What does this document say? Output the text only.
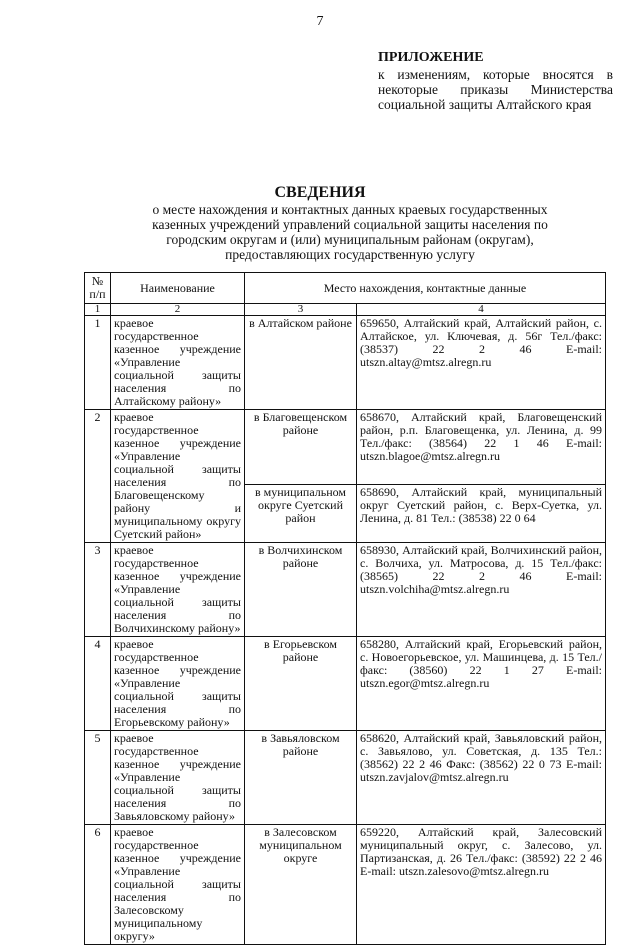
7
ПРИЛОЖЕНИЕ
к изменениям, которые вносятся в некоторые приказы Министерства социальной защиты Алтайского края
СВЕДЕНИЯ
о месте нахождения и контактных данных краевых государственных казенных учреждений управлений социальной защиты населения по городским округам и (или) муниципальным районам (округам), предоставляющих государственную услугу
№ п/п	Наименование	Место нахождения, контактные данные	
1	2	3	4
1	краевое государственное казенное учреждение «Управление социальной защиты населения по Алтайскому району»	в Алтайском районе	659650, Алтайский край, Алтайский район, с. Алтайское, ул. Ключевая, д. 56г Тел./факс: (38537) 22 2 46 E-mail: utszn.altay@mtsz.alregn.ru
2	краевое государственное казенное учреждение «Управление социальной защиты населения по Благовещенскому району и муниципальному округу Суетский район»	в Благовещенском районе	658670, Алтайский край, Благовещенский район, р.п. Благовещенка, ул. Ленина, д. 99 Тел./факс: (38564) 22 1 46 E-mail: utszn.blagoe@mtsz.alregn.ru
		в муниципальном округе Суетский район	658690, Алтайский край, муниципальный округ Суетский район, с. Верх-Суетка, ул. Ленина, д. 81 Тел.: (38538) 22 0 64
3	краевое государственное казенное учреждение «Управление социальной защиты населения по Волчихинскому району»	в Волчихинском районе	658930, Алтайский край, Волчихинский район, с. Волчиха, ул. Матросова, д. 15 Тел./факс: (38565) 22 2 46 E-mail: utszn.volchiha@mtsz.alregn.ru
4	краевое государственное казенное учреждение «Управление социальной защиты населения по Егорьевскому району»	в Егорьевском районе	658280, Алтайский край, Егорьевский район, с. Новоегорьевское, ул. Машинцева, д. 15 Тел./факс: (38560) 22 1 27 E-mail: utszn.egor@mtsz.alregn.ru
5	краевое государственное казенное учреждение «Управление социальной защиты населения по Завьяловскому району»	в Завьяловском районе	658620, Алтайский край, Завьяловский район, с. Завьялово, ул. Советская, д. 135 Тел.: (38562) 22 2 46 Факс: (38562) 22 0 73 E-mail: utszn.zavjalov@mtsz.alregn.ru
6	краевое государственное казенное учреждение «Управление социальной защиты населения по Залесовскому муниципальному округу»	в Залесовском муниципальном округе	659220, Алтайский край, Залесовский муниципальный округ, с. Залесово, ул. Партизанская, д. 26 Тел./факс: (38592) 22 2 46 E-mail: utszn.zalesovo@mtsz.alregn.ru
